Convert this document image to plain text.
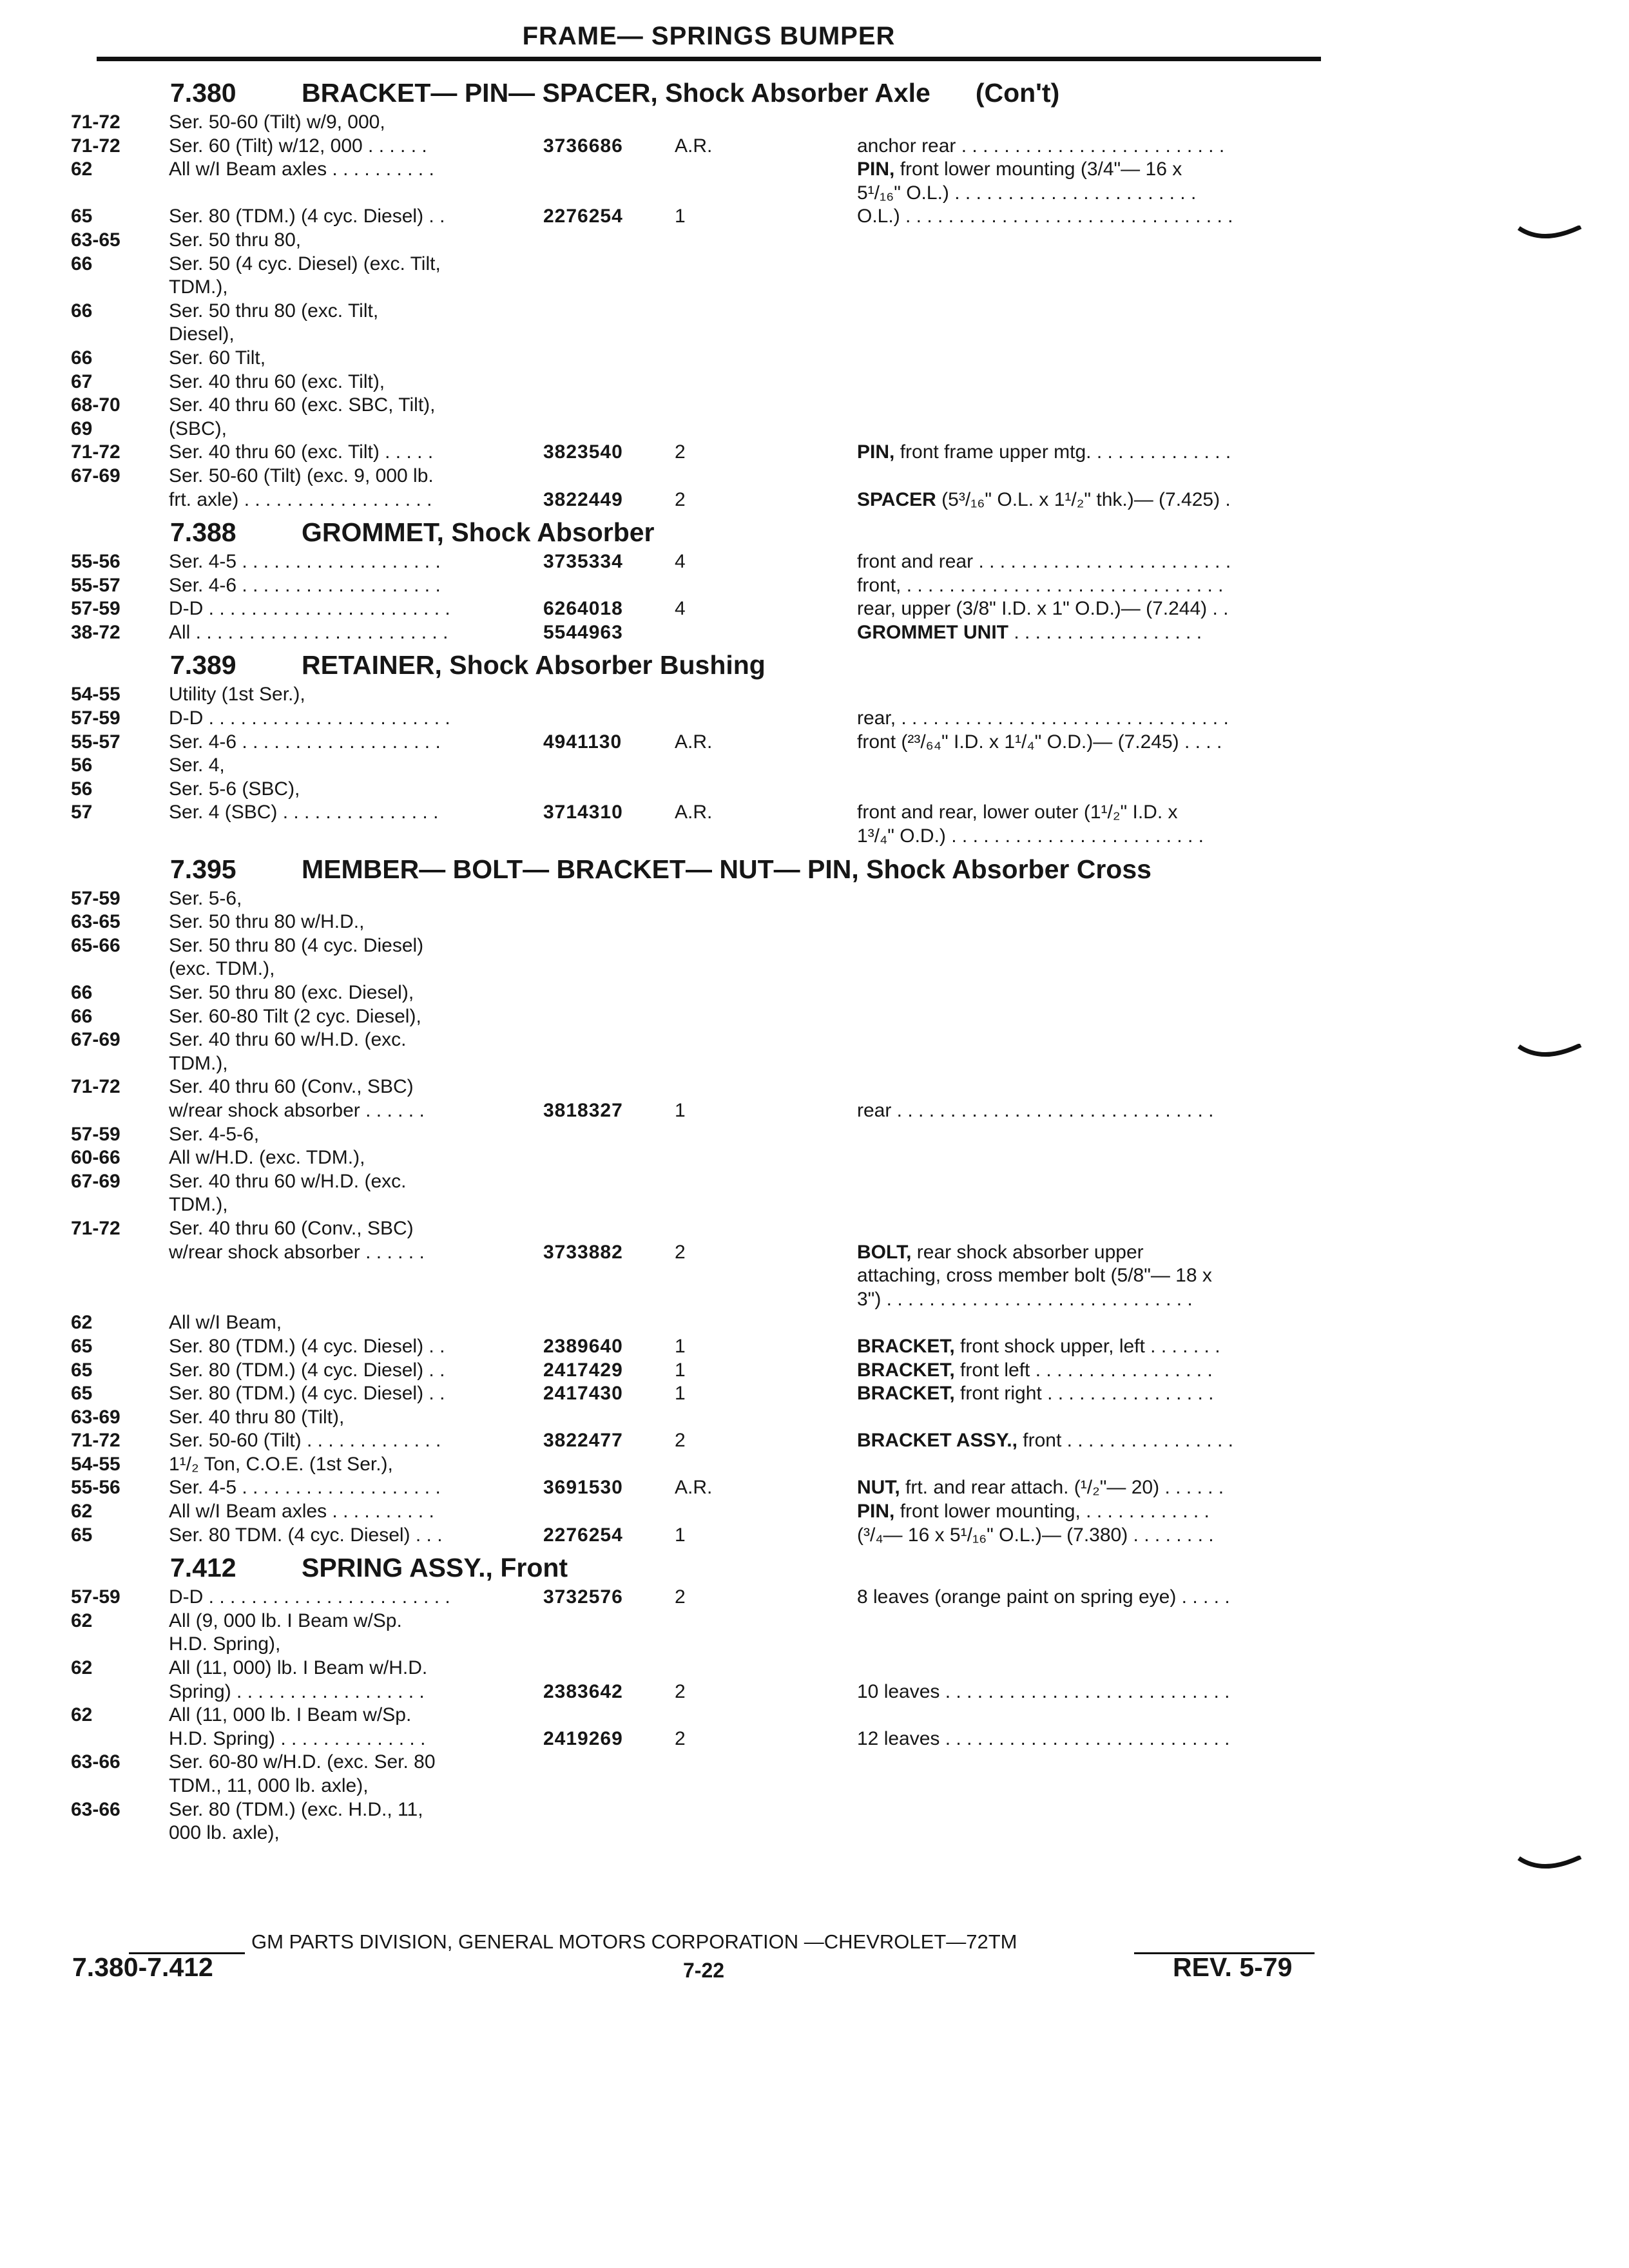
FRAME— SPRINGS BUMPER
7.380 BRACKET— PIN— SPACER, Shock Absorber Axle (Con't)
71-72	Ser. 50-60 (Tilt) w/9, 000,
71-72	Ser. 60 (Tilt) w/12, 000 . . . . . .	3736686	A.R.	anchor rear . . . . . . . . . . . . . . . . . . . . . . . . .
62	All w/I Beam axles . . . . . . . . . .	PIN, front lower mounting (3/4"— 16 x
5¹/₁₆" O.L.) . . . . . . . . . . . . . . . . . . . . . . .
65	Ser. 80 (TDM.) (4 cyc. Diesel) . .	2276254	1	O.L.) . . . . . . . . . . . . . . . . . . . . . . . . . . . . . . .
63-65	Ser. 50 thru 80,
66	Ser. 50 (4 cyc. Diesel) (exc. Tilt,
TDM.),
66	Ser. 50 thru 80 (exc. Tilt,
Diesel),
66	Ser. 60 Tilt,
67	Ser. 40 thru 60 (exc. Tilt),
68-70	Ser. 40 thru 60 (exc. SBC, Tilt),
69	(SBC),
71-72	Ser. 40 thru 60 (exc. Tilt) . . . . .	3823540	2	PIN, front frame upper mtg. . . . . . . . . . . . . .
67-69	Ser. 50-60 (Tilt) (exc. 9, 000 lb.
frt. axle) . . . . . . . . . . . . . . . . . .	3822449	2	SPACER (5³/₁₆" O.L. x 1¹/₂" thk.)— (7.425) .
7.388 GROMMET, Shock Absorber
55-56	Ser. 4-5 . . . . . . . . . . . . . . . . . . .	3735334	4	front and rear . . . . . . . . . . . . . . . . . . . . . . . .
55-57	Ser. 4-6 . . . . . . . . . . . . . . . . . . .	front, . . . . . . . . . . . . . . . . . . . . . . . . . . . . . .
57-59	D-D . . . . . . . . . . . . . . . . . . . . . . .	6264018	4	rear, upper (3/8" I.D. x 1" O.D.)— (7.244) . .
38-72	All . . . . . . . . . . . . . . . . . . . . . . . .	5544963	GROMMET UNIT . . . . . . . . . . . . . . . . . .
7.389 RETAINER, Shock Absorber Bushing
54-55	Utility (1st Ser.),
57-59	D-D . . . . . . . . . . . . . . . . . . . . . . .	rear, . . . . . . . . . . . . . . . . . . . . . . . . . . . . . . .
55-57	Ser. 4-6 . . . . . . . . . . . . . . . . . . .	4941130	A.R.	front (²³/₆₄" I.D. x 1¹/₄" O.D.)— (7.245) . . . .
56	Ser. 4,
56	Ser. 5-6 (SBC),
57	Ser. 4 (SBC) . . . . . . . . . . . . . . .	3714310	A.R.	front and rear, lower outer (1¹/₂" I.D. x
1³/₄" O.D.) . . . . . . . . . . . . . . . . . . . . . . . .
7.395 MEMBER— BOLT— BRACKET— NUT— PIN, Shock Absorber Cross
57-59	Ser. 5-6,
63-65	Ser. 50 thru 80 w/H.D.,
65-66	Ser. 50 thru 80 (4 cyc. Diesel)
(exc. TDM.),
66	Ser. 50 thru 80 (exc. Diesel),
66	Ser. 60-80 Tilt (2 cyc. Diesel),
67-69	Ser. 40 thru 60 w/H.D. (exc.
TDM.),
71-72	Ser. 40 thru 60 (Conv., SBC)
w/rear shock absorber . . . . . .	3818327	1	rear . . . . . . . . . . . . . . . . . . . . . . . . . . . . . .
57-59	Ser. 4-5-6,
60-66	All w/H.D. (exc. TDM.),
67-69	Ser. 40 thru 60 w/H.D. (exc.
TDM.),
71-72	Ser. 40 thru 60 (Conv., SBC)
w/rear shock absorber . . . . . .	3733882	2	BOLT, rear shock absorber upper
attaching, cross member bolt (5/8"— 18 x
3") . . . . . . . . . . . . . . . . . . . . . . . . . . . . .
62	All w/I Beam,
65	Ser. 80 (TDM.) (4 cyc. Diesel) . .	2389640	1	BRACKET, front shock upper, left . . . . . . .
65	Ser. 80 (TDM.) (4 cyc. Diesel) . .	2417429	1	BRACKET, front left . . . . . . . . . . . . . . . . .
65	Ser. 80 (TDM.) (4 cyc. Diesel) . .	2417430	1	BRACKET, front right . . . . . . . . . . . . . . . .
63-69	Ser. 40 thru 80 (Tilt),
71-72	Ser. 50-60 (Tilt) . . . . . . . . . . . . .	3822477	2	BRACKET ASSY., front . . . . . . . . . . . . . . . .
54-55	1¹/₂ Ton, C.O.E. (1st Ser.),
55-56	Ser. 4-5 . . . . . . . . . . . . . . . . . . .	3691530	A.R.	NUT, frt. and rear attach. (¹/₂"— 20) . . . . . .
62	All w/I Beam axles . . . . . . . . . .	PIN, front lower mounting, . . . . . . . . . . . .
65	Ser. 80 TDM. (4 cyc. Diesel) . . .	2276254	1	(³/₄— 16 x 5¹/₁₆" O.L.)— (7.380) . . . . . . . .
7.412 SPRING ASSY., Front
57-59	D-D . . . . . . . . . . . . . . . . . . . . . . .	3732576	2	8 leaves (orange paint on spring eye) . . . . .
62	All (9, 000 lb. I Beam w/Sp.
H.D. Spring),
62	All (11, 000) lb. I Beam w/H.D.
Spring) . . . . . . . . . . . . . . . . . .	2383642	2	10 leaves . . . . . . . . . . . . . . . . . . . . . . . . . . .
62	All (11, 000 lb. I Beam w/Sp.
H.D. Spring) . . . . . . . . . . . . . .	2419269	2	12 leaves . . . . . . . . . . . . . . . . . . . . . . . . . . .
63-66	Ser. 60-80 w/H.D. (exc. Ser. 80
TDM., 11, 000 lb. axle),
63-66	Ser. 80 (TDM.) (exc. H.D., 11,
000 lb. axle),
GM PARTS DIVISION, GENERAL MOTORS CORPORATION —CHEVROLET—72TM
7.380-7.412	7-22	REV. 5-79
